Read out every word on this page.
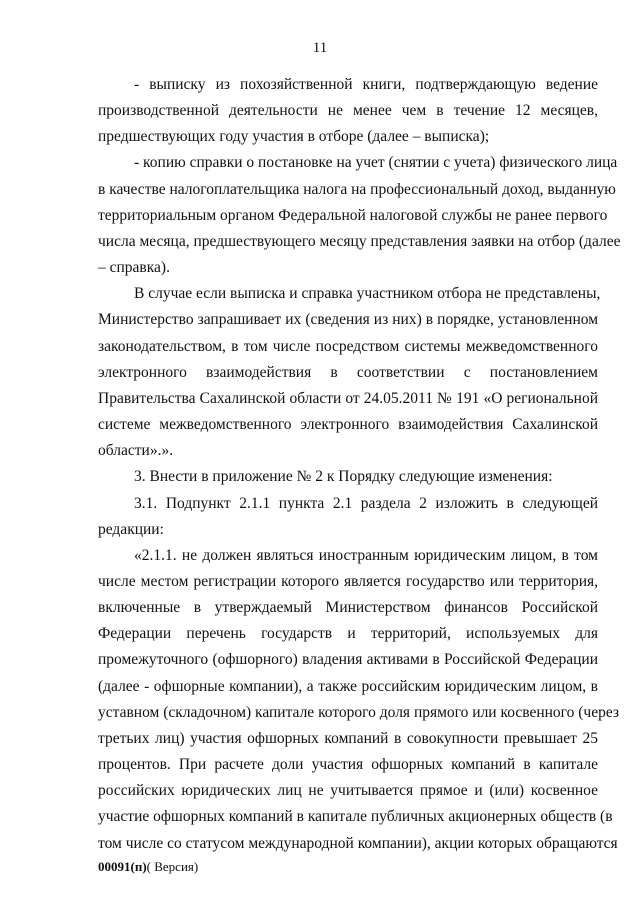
11

- выписку из похозяйственной книги, подтверждающую ведение
производственной деятельности не менее чем в течение 12 месяцев,
предшествующих году участия в отборе (далее – выписка);

- копию справки о постановке на учет (снятии с учета) физического лица
в качестве налогоплательщика налога на профессиональный доход, выданную
территориальным органом Федеральной налоговой службы не ранее первого
числа месяца, предшествующего месяцу представления заявки на отбор (далее
– справка).

В случае если выписка и справка участником отбора не представлены,
Министерство запрашивает их (сведения из них) в порядке, установленном
законодательством, в том числе посредством системы межведомственного
электронного взаимодействия в соответствии с постановлением
Правительства Сахалинской области от 24.05.2011 № 191 «О региональной
системе межведомственного электронного взаимодействия Сахалинской
области».».

3. Внести в приложение № 2 к Порядку следующие изменения:

3.1. Подпункт 2.1.1 пункта 2.1 раздела 2 изложить в следующей
редакции:

«2.1.1. не должен являться иностранным юридическим лицом, в том
числе местом регистрации которого является государство или территория,
включенные в утверждаемый Министерством финансов Российской
Федерации перечень государств и территорий, используемых для
промежуточного (офшорного) владения активами в Российской Федерации
(далее - офшорные компании), а также российским юридическим лицом, в
уставном (складочном) капитале которого доля прямого или косвенного (через
третьих лиц) участия офшорных компаний в совокупности превышает 25
процентов. При расчете доли участия офшорных компаний в капитале
российских юридических лиц не учитывается прямое и (или) косвенное
участие офшорных компаний в капитале публичных акционерных обществ (в
том числе со статусом международной компании), акции которых обращаются

00091(п)( Версия)
